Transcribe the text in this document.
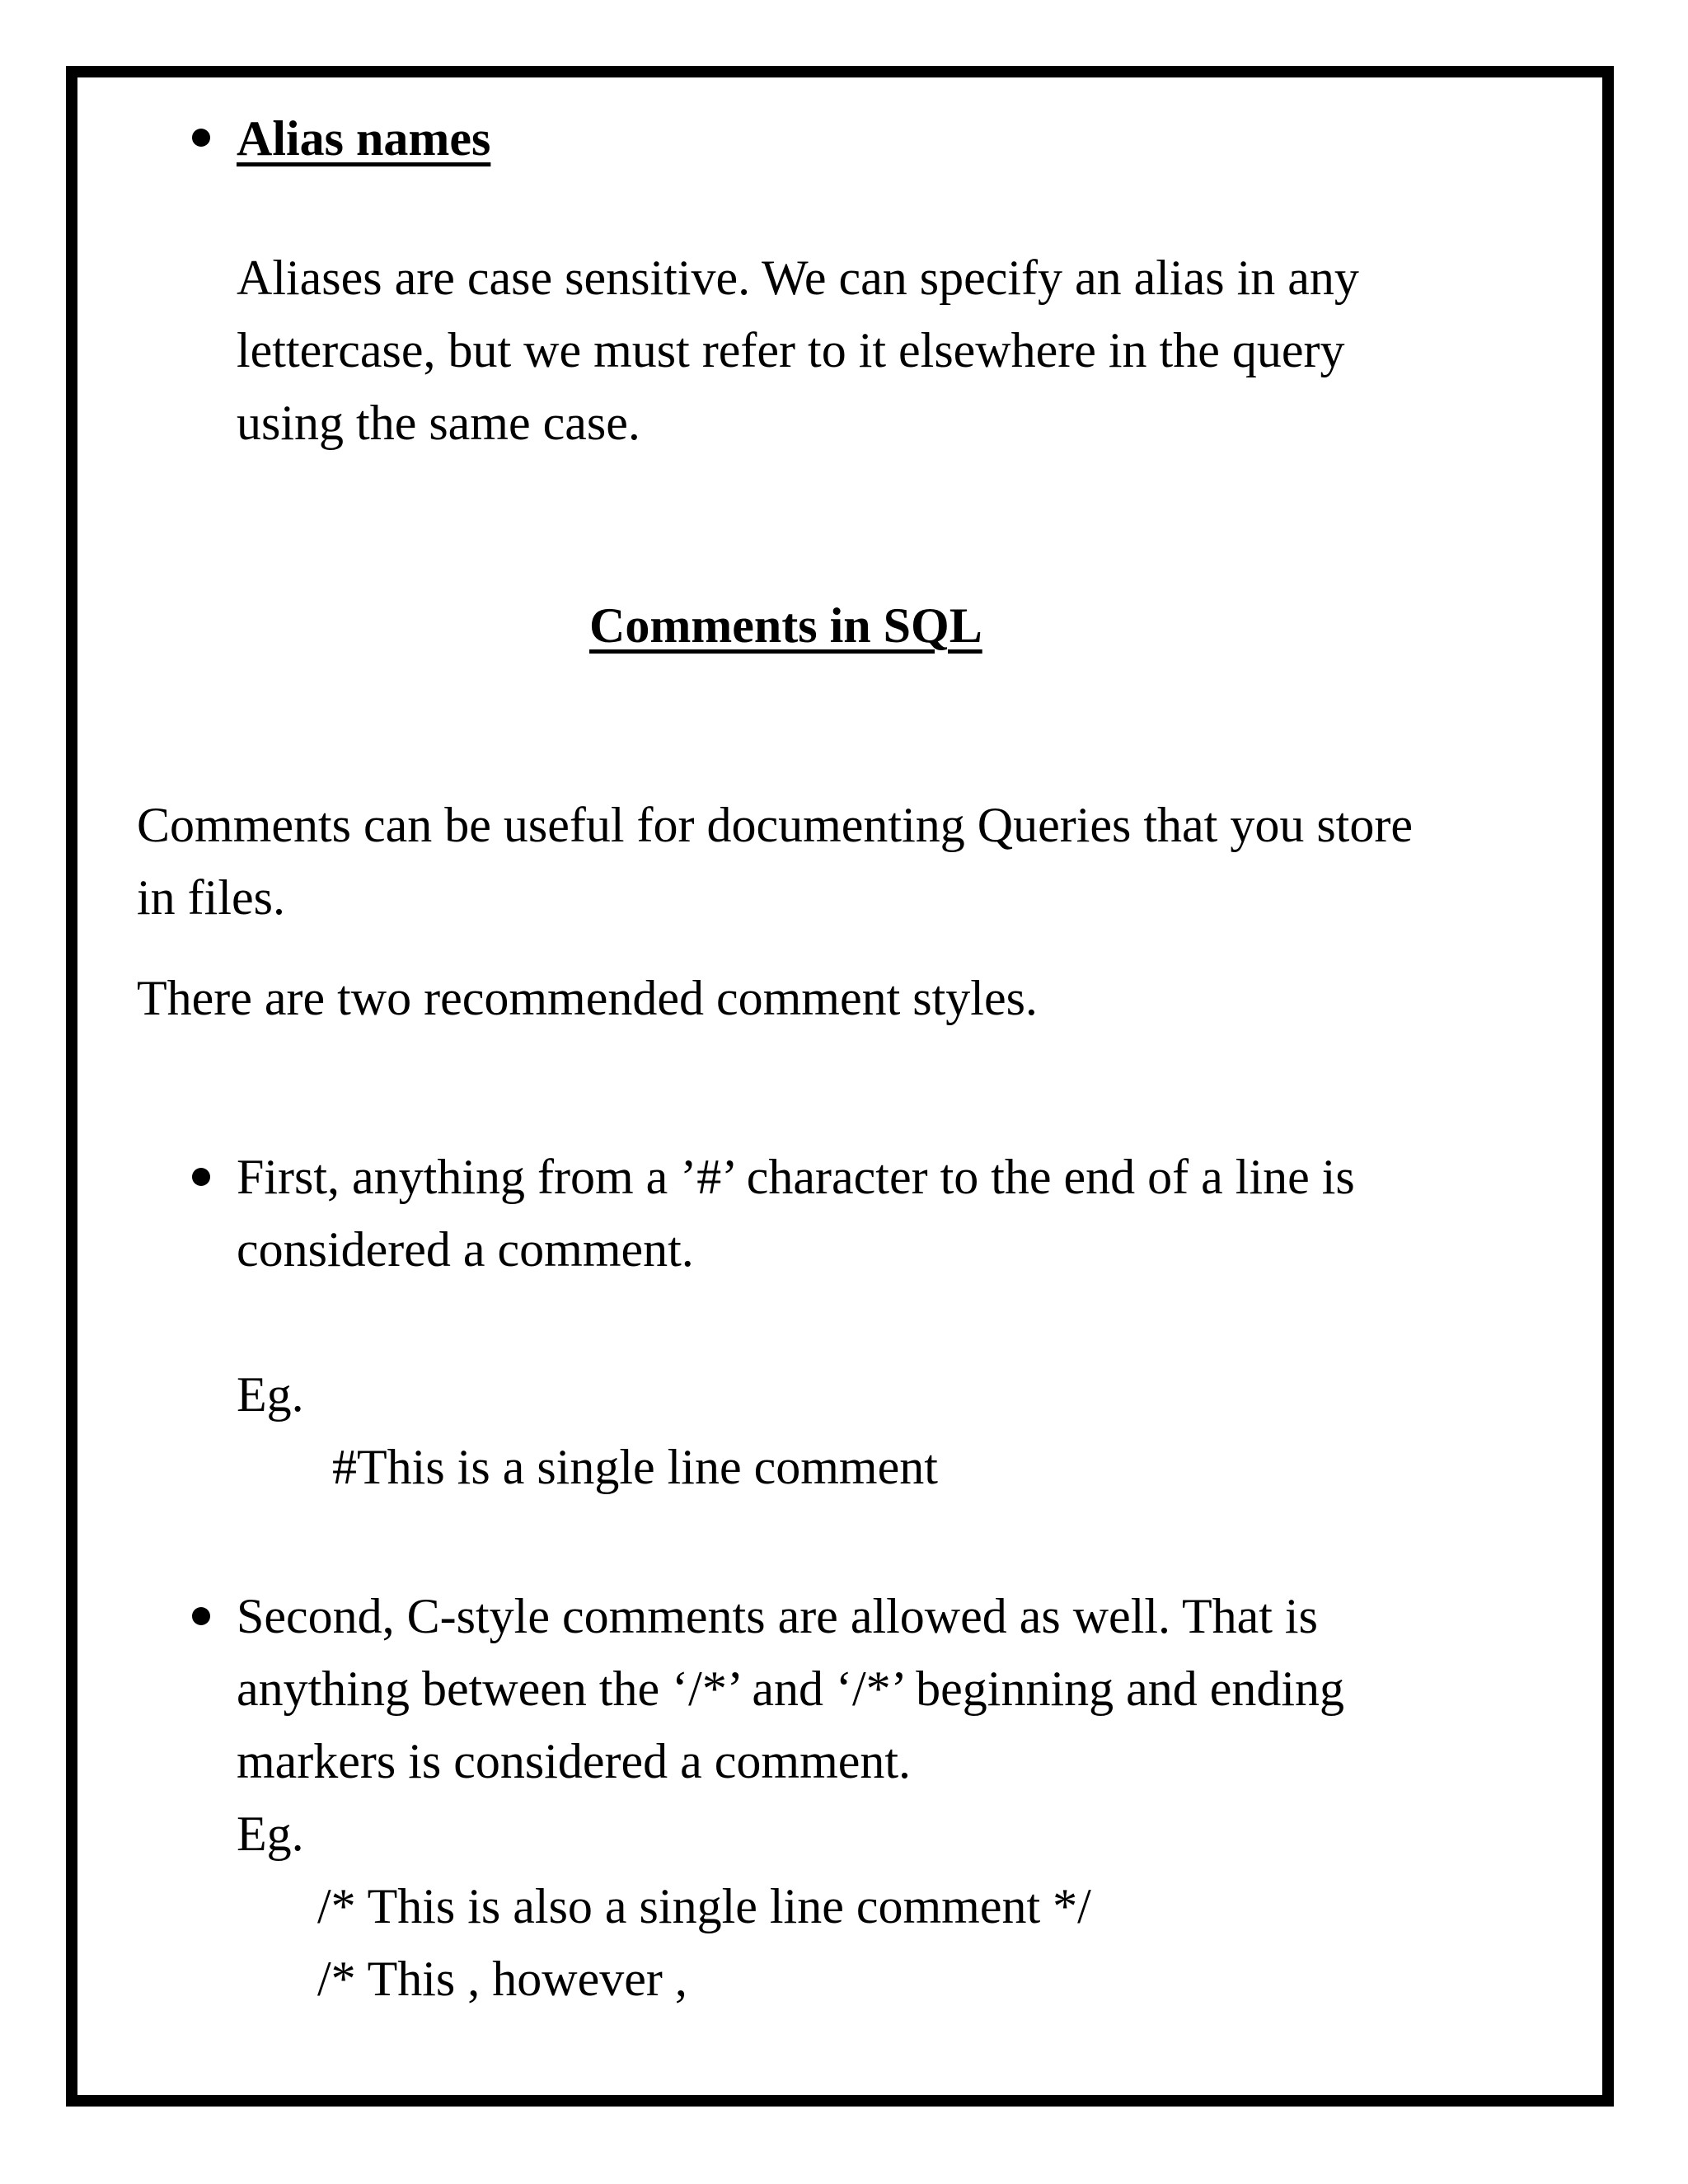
Alias names
Aliases are case sensitive. We can specify an alias in any
lettercase, but we must refer to it elsewhere in the query
using the same case.
Comments in SQL
Comments can be useful for documenting Queries that you store
in files.
There are two recommended comment styles.
First, anything from a ’#’ character to the end of a line is
considered a comment.
Eg.
#This is a single line comment
Second, C-style comments are allowed as well. That is
anything between the ‘/*’ and ‘/*’ beginning and ending
markers is considered a comment.
Eg.
/* This is also a single line comment */
/* This , however ,
